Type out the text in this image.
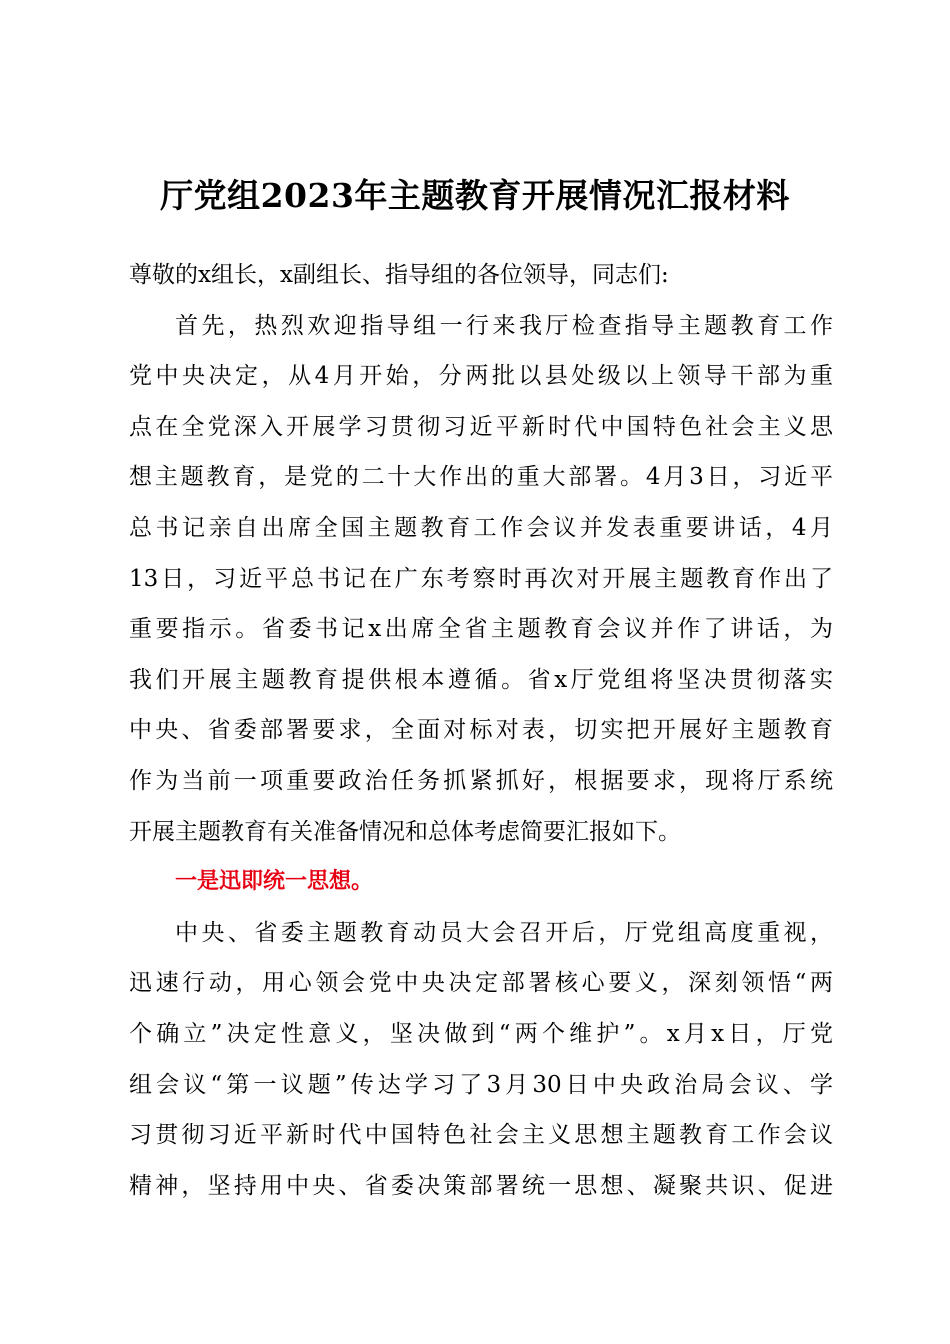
厅党组2023年主题教育开展情况汇报材料
尊敬的x组长，x副组长、指导组的各位领导，同志们:
首先，热烈欢迎指导组一行来我厅检查指导主题教育工作
党中央决定，从4月开始，分两批以县处级以上领导干部为重
点在全党深入开展学习贯彻习近平新时代中国特色社会主义思
想主题教育，是党的二十大作出的重大部署。4月3日，习近平
总书记亲自出席全国主题教育工作会议并发表重要讲话，4月
13日，习近平总书记在广东考察时再次对开展主题教育作出了
重要指示。省委书记x出席全省主题教育会议并作了讲话，为
我们开展主题教育提供根本遵循。省x厅党组将坚决贯彻落实
中央、省委部署要求，全面对标对表，切实把开展好主题教育
作为当前一项重要政治任务抓紧抓好，根据要求，现将厅系统
开展主题教育有关准备情况和总体考虑简要汇报如下。
一是迅即统一思想。
中央、省委主题教育动员大会召开后，厅党组高度重视，
迅速行动，用心领会党中央决定部署核心要义，深刻领悟“两
个确立”决定性意义，坚决做到“两个维护”。x月x日，厅党
组会议“第一议题”传达学习了3月30日中央政治局会议、学
习贯彻习近平新时代中国特色社会主义思想主题教育工作会议
精神，坚持用中央、省委决策部署统一思想、凝聚共识、促进
